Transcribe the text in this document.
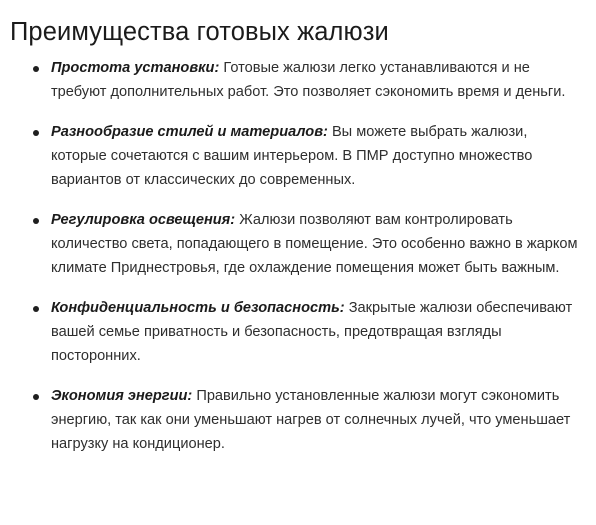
Преимущества готовых жалюзи
Простота установки: Готовые жалюзи легко устанавливаются и не требуют дополнительных работ. Это позволяет сэкономить время и деньги.
Разнообразие стилей и материалов: Вы можете выбрать жалюзи, которые сочетаются с вашим интерьером. В ПМР доступно множество вариантов от классических до современных.
Регулировка освещения: Жалюзи позволяют вам контролировать количество света, попадающего в помещение. Это особенно важно в жарком климате Приднестровья, где охлаждение помещения может быть важным.
Конфиденциальность и безопасность: Закрытые жалюзи обеспечивают вашей семье приватность и безопасность, предотвращая взгляды посторонних.
Экономия энергии: Правильно установленные жалюзи могут сэкономить энергию, так как они уменьшают нагрев от солнечных лучей, что уменьшает нагрузку на кондиционер.
